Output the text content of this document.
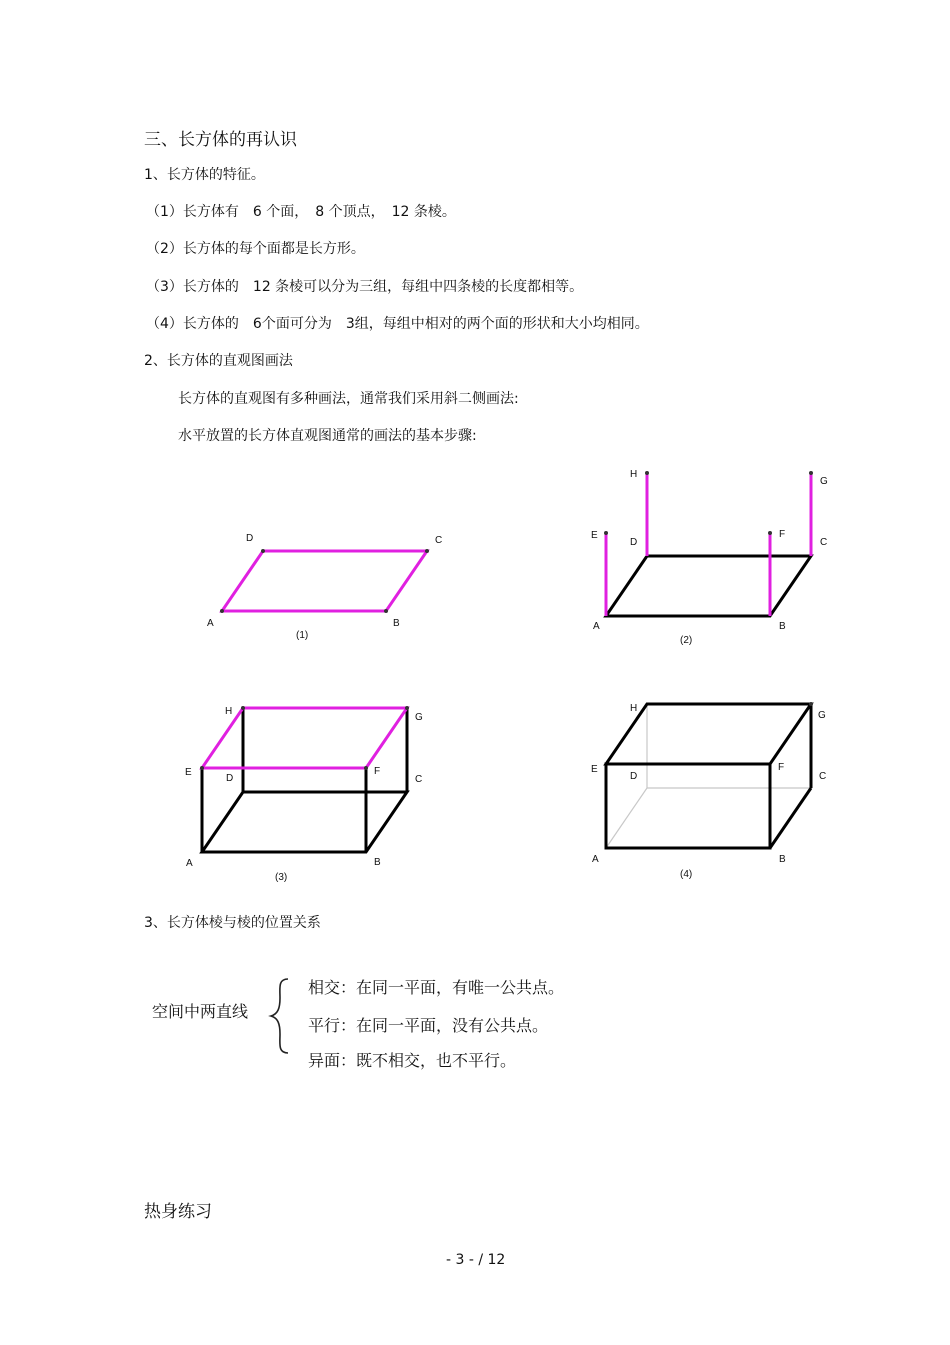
三、长方体的再认识
1、长方体的特征。
（1）长方体有　6 个面，　8 个顶点，　12 条棱。
（2）长方体的每个面都是长方形。
（3）长方体的　12 条棱可以分为三组，每组中四条棱的长度都相等。
（4）长方体的　6个面可分为　3组，每组中相对的两个面的形状和大小均相同。
2、长方体的直观图画法
长方体的直观图有多种画法，通常我们采用斜二侧画法:
水平放置的长方体直观图通常的画法的基本步骤:
A	B
C
D
(1)
A	B
C
D
E	F
G
H
(2)
A	B
C
D
E	F
G
H
(3)
A	B
C
D
E	F
G
H
(4)
3、长方体棱与棱的位置关系
空间中两直线
相交：在同一平面，有唯一公共点。
平行：在同一平面，没有公共点。
异面：既不相交，也不平行。
热身练习
- 3 - / 12
